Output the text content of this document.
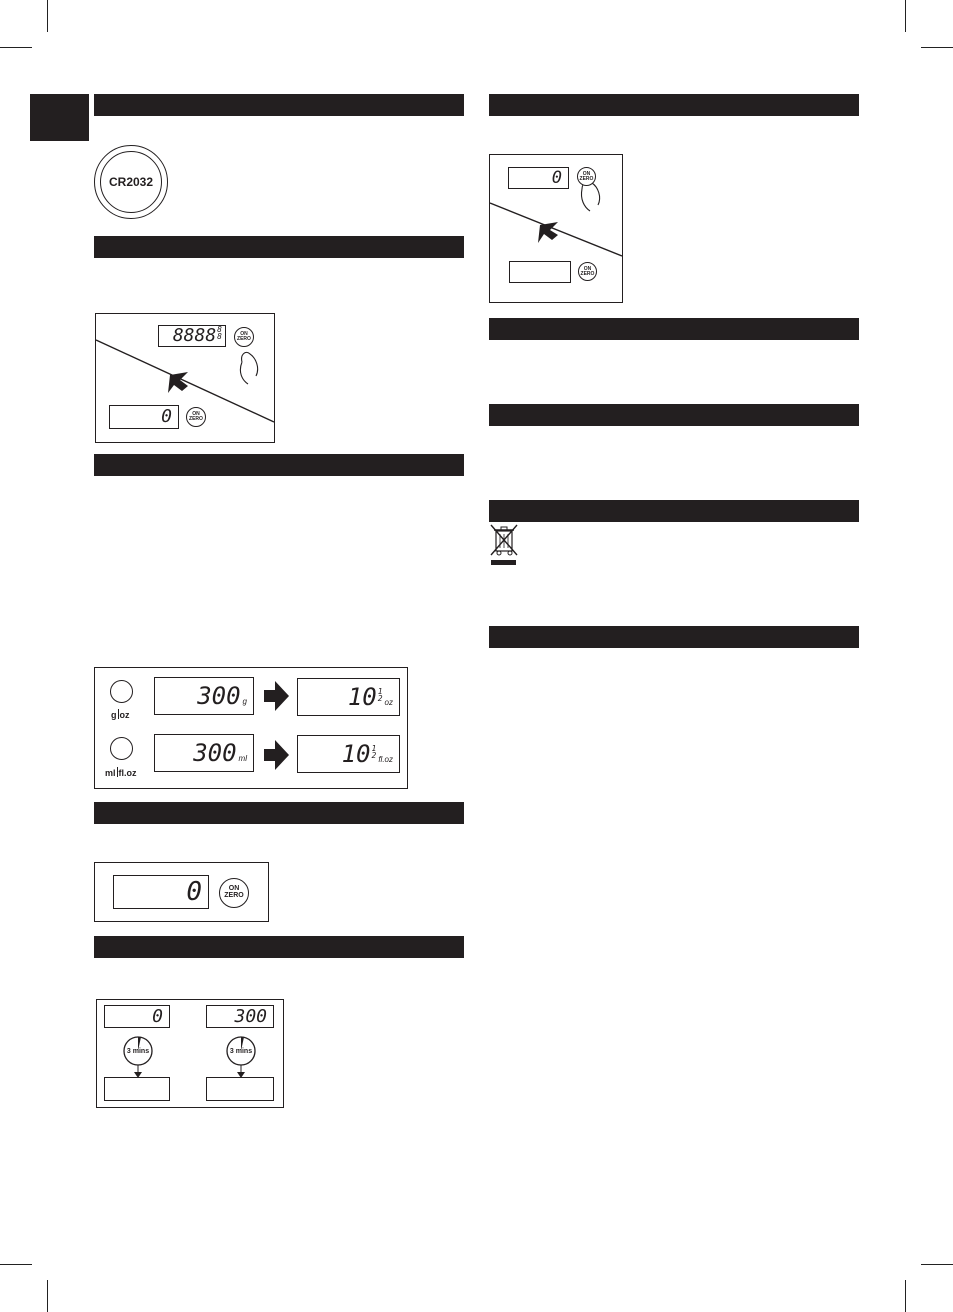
CR2032
8888 8
8	ON
ZERO
0	ON
ZERO
g oz
300 g	10 1
2 oz
ml fl.oz
300 ml	10 1
2 fl.oz
0	ON
ZERO
0	300
3 mins	3 mins
0	ON
ZERO
ON
ZERO
